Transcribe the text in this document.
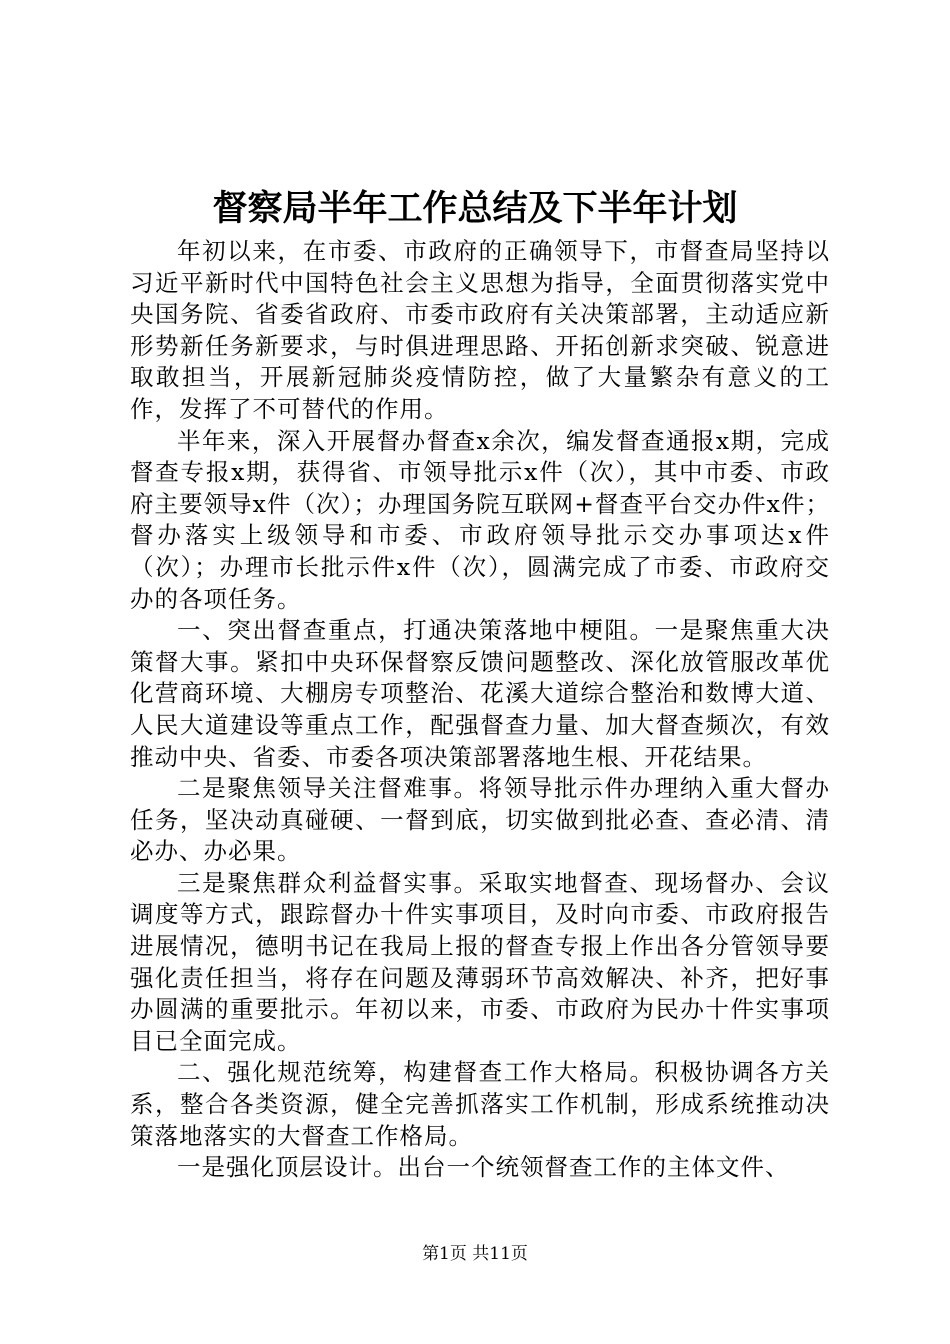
督察局半年工作总结及下半年计划

年初以来，在市委、市政府的正确领导下，市督查局坚持以习近平新时代中国特色社会主义思想为指导，全面贯彻落实党中央国务院、省委省政府、市委市政府有关决策部署，主动适应新形势新任务新要求，与时俱进理思路、开拓创新求突破、锐意进取敢担当，开展新冠肺炎疫情防控，做了大量繁杂有意义的工作，发挥了不可替代的作用。

半年来，深入开展督办督查x余次，编发督查通报x期，完成督查专报x期，获得省、市领导批示x件（次），其中市委、市政府主要领导x件（次）；办理国务院互联网+督查平台交办件x件；督办落实上级领导和市委、市政府领导批示交办事项达x件（次）；办理市长批示件x件（次），圆满完成了市委、市政府交办的各项任务。

一、突出督查重点，打通决策落地中梗阻。一是聚焦重大决策督大事。紧扣中央环保督察反馈问题整改、深化放管服改革优化营商环境、大棚房专项整治、花溪大道综合整治和数博大道、人民大道建设等重点工作，配强督查力量、加大督查频次，有效推动中央、省委、市委各项决策部署落地生根、开花结果。

二是聚焦领导关注督难事。将领导批示件办理纳入重大督办任务，坚决动真碰硬、一督到底，切实做到批必查、查必清、清必办、办必果。

三是聚焦群众利益督实事。采取实地督查、现场督办、会议调度等方式，跟踪督办十件实事项目，及时向市委、市政府报告进展情况，德明书记在我局上报的督查专报上作出各分管领导要强化责任担当，将存在问题及薄弱环节高效解决、补齐，把好事办圆满的重要批示。年初以来，市委、市政府为民办十件实事项目已全面完成。

二、强化规范统筹，构建督查工作大格局。积极协调各方关系，整合各类资源，健全完善抓落实工作机制，形成系统推动决策落地落实的大督查工作格局。

一是强化顶层设计。出台一个统领督查工作的主体文件、

第1页 共11页
